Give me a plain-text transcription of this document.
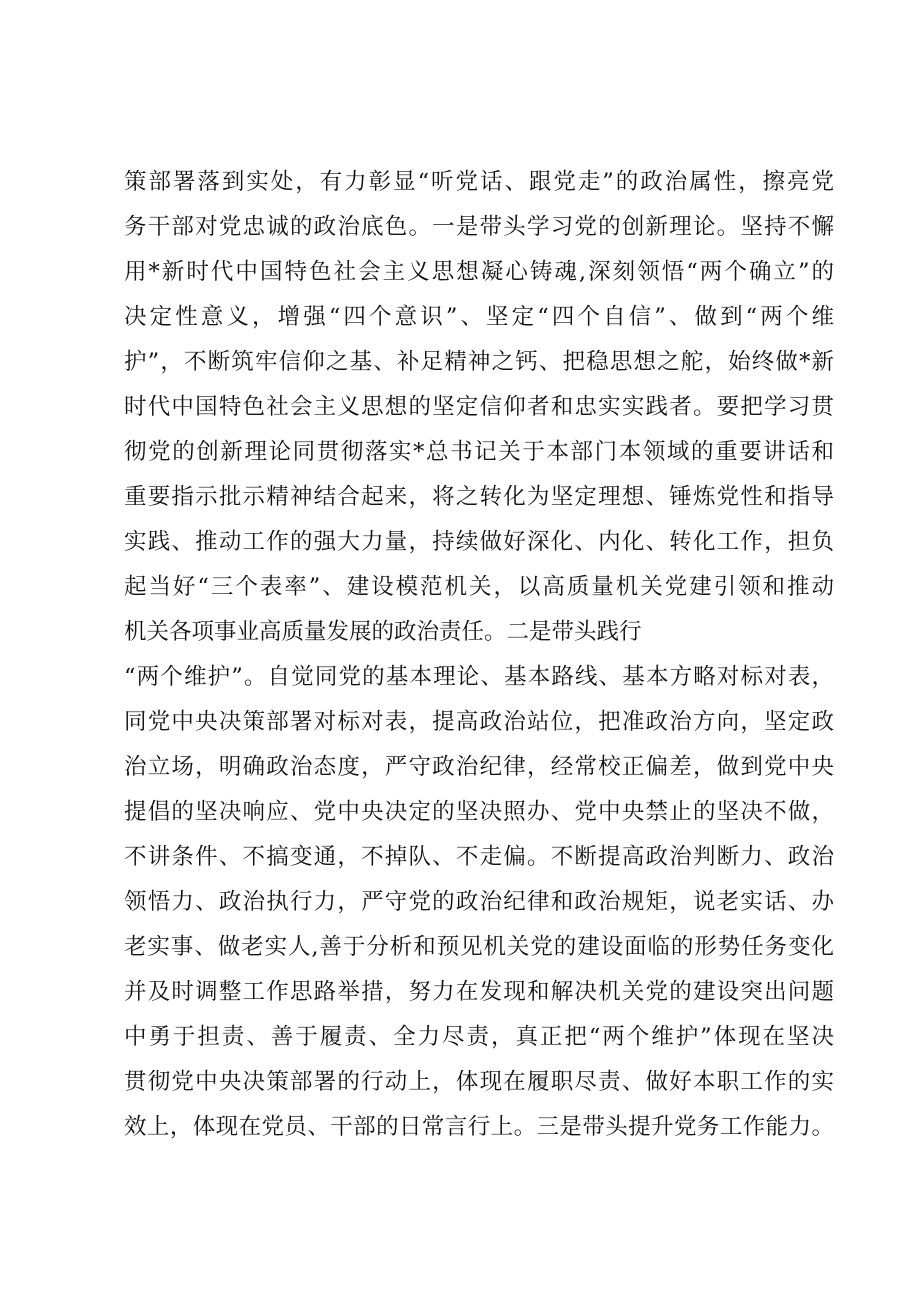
策部署落到实处，有力彰显“听党话、跟党走”的政治属性，擦亮党
务干部对党忠诚的政治底色。一是带头学习党的创新理论。坚持不懈
用*新时代中国特色社会主义思想凝心铸魂,深刻领悟“两个确立”的
决定性意义，增强“四个意识”、坚定“四个自信”、做到“两个维
护”，不断筑牢信仰之基、补足精神之钙、把稳思想之舵，始终做*新
时代中国特色社会主义思想的坚定信仰者和忠实实践者。要把学习贯
彻党的创新理论同贯彻落实*总书记关于本部门本领域的重要讲话和
重要指示批示精神结合起来，将之转化为坚定理想、锤炼党性和指导
实践、推动工作的强大力量，持续做好深化、内化、转化工作，担负
起当好“三个表率”、建设模范机关，以高质量机关党建引领和推动
机关各项事业高质量发展的政治责任。二是带头践行
“两个维护”。自觉同党的基本理论、基本路线、基本方略对标对表，
同党中央决策部署对标对表，提高政治站位，把准政治方向，坚定政
治立场，明确政治态度，严守政治纪律，经常校正偏差，做到党中央
提倡的坚决响应、党中央决定的坚决照办、党中央禁止的坚决不做，
不讲条件、不搞变通，不掉队、不走偏。不断提高政治判断力、政治
领悟力、政治执行力，严守党的政治纪律和政治规矩，说老实话、办
老实事、做老实人,善于分析和预见机关党的建设面临的形势任务变化
并及时调整工作思路举措，努力在发现和解决机关党的建设突出问题
中勇于担责、善于履责、全力尽责，真正把“两个维护”体现在坚决
贯彻党中央决策部署的行动上，体现在履职尽责、做好本职工作的实
效上，体现在党员、干部的日常言行上。三是带头提升党务工作能力。
